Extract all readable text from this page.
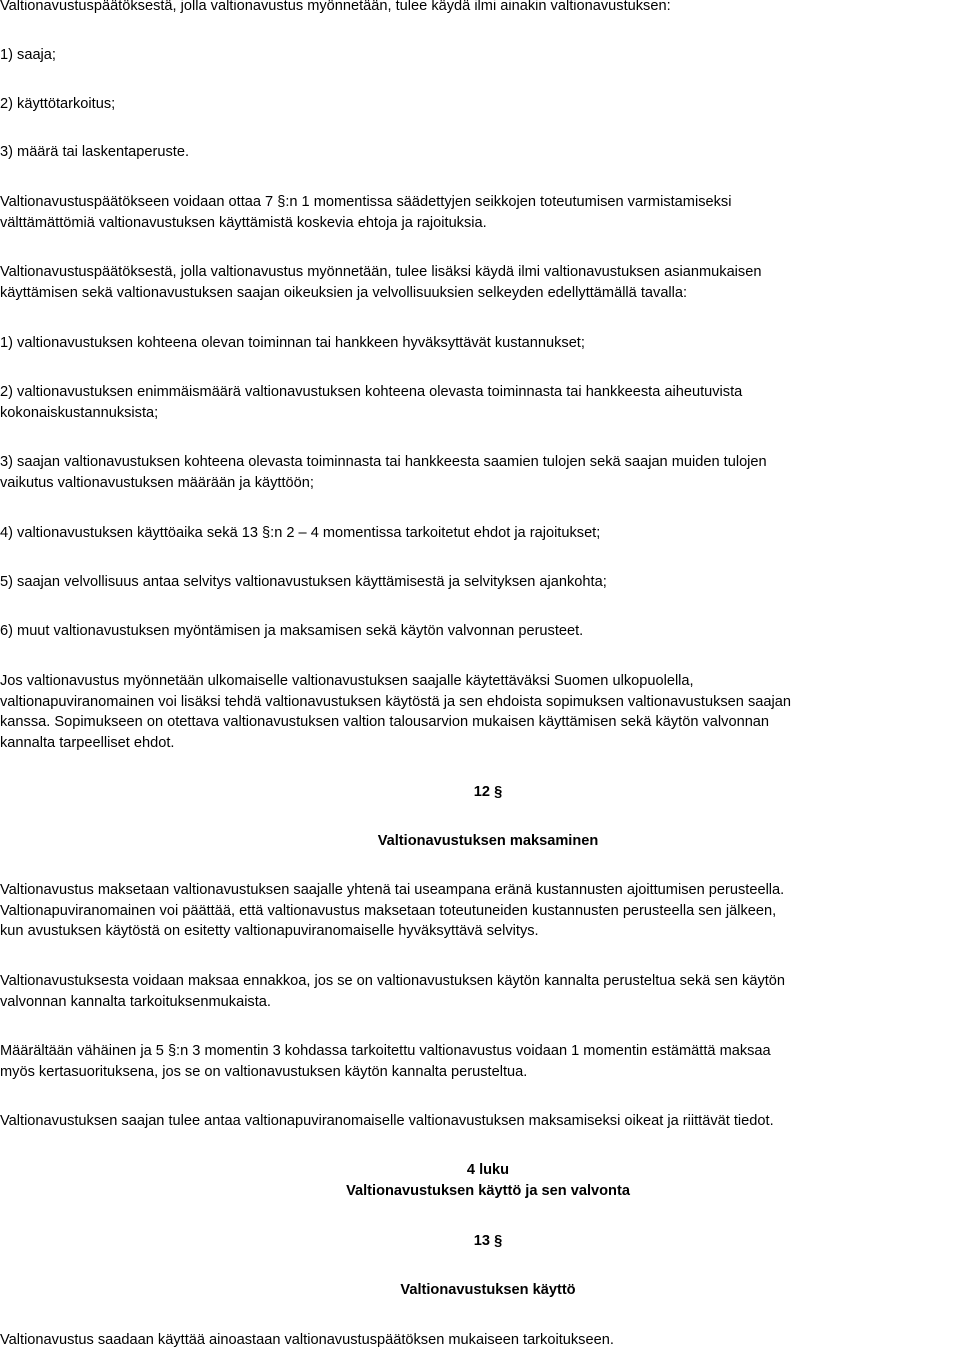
Valtionavustuspäätöksestä, jolla valtionavustus myönnetään, tulee käydä ilmi ainakin valtionavustuksen:

1) saaja;

2) käyttötarkoitus;

3) määrä tai laskentaperuste.

Valtionavustuspäätökseen voidaan ottaa 7 §:n 1 momentissa säädettyjen seikkojen toteutumisen varmistamiseksi
välttämättömiä valtionavustuksen käyttämistä koskevia ehtoja ja rajoituksia.

Valtionavustuspäätöksestä, jolla valtionavustus myönnetään, tulee lisäksi käydä ilmi valtionavustuksen asianmukaisen
käyttämisen sekä valtionavustuksen saajan oikeuksien ja velvollisuuksien selkeyden edellyttämällä tavalla:

1) valtionavustuksen kohteena olevan toiminnan tai hankkeen hyväksyttävät kustannukset;

2) valtionavustuksen enimmäismäärä valtionavustuksen kohteena olevasta toiminnasta tai hankkeesta aiheutuvista
kokonaiskustannuksista;

3) saajan valtionavustuksen kohteena olevasta toiminnasta tai hankkeesta saamien tulojen sekä saajan muiden tulojen
vaikutus valtionavustuksen määrään ja käyttöön;

4) valtionavustuksen käyttöaika sekä 13 §:n 2 – 4 momentissa tarkoitetut ehdot ja rajoitukset;

5) saajan velvollisuus antaa selvitys valtionavustuksen käyttämisestä ja selvityksen ajankohta;

6) muut valtionavustuksen myöntämisen ja maksamisen sekä käytön valvonnan perusteet.

Jos valtionavustus myönnetään ulkomaiselle valtionavustuksen saajalle käytettäväksi Suomen ulkopuolella,
valtionapuviranomainen voi lisäksi tehdä valtionavustuksen käytöstä ja sen ehdoista sopimuksen valtionavustuksen saajan
kanssa. Sopimukseen on otettava valtionavustuksen valtion talousarvion mukaisen käyttämisen sekä käytön valvonnan
kannalta tarpeelliset ehdot.

12 §
Valtionavustuksen maksaminen

Valtionavustus maksetaan valtionavustuksen saajalle yhtenä tai useampana eränä kustannusten ajoittumisen perusteella.
Valtionapuviranomainen voi päättää, että valtionavustus maksetaan toteutuneiden kustannusten perusteella sen jälkeen,
kun avustuksen käytöstä on esitetty valtionapuviranomaiselle hyväksyttävä selvitys.

Valtionavustuksesta voidaan maksaa ennakkoa, jos se on valtionavustuksen käytön kannalta perusteltua sekä sen käytön
valvonnan kannalta tarkoituksenmukaista.

Määrältään vähäinen ja 5 §:n 3 momentin 3 kohdassa tarkoitettu valtionavustus voidaan 1 momentin estämättä maksaa
myös kertasuorituksena, jos se on valtionavustuksen käytön kannalta perusteltua.

Valtionavustuksen saajan tulee antaa valtionapuviranomaiselle valtionavustuksen maksamiseksi oikeat ja riittävät tiedot.

4 luku
Valtionavustuksen käyttö ja sen valvonta
13 §
Valtionavustuksen käyttö

Valtionavustus saadaan käyttää ainoastaan valtionavustuspäätöksen mukaiseen tarkoitukseen.
